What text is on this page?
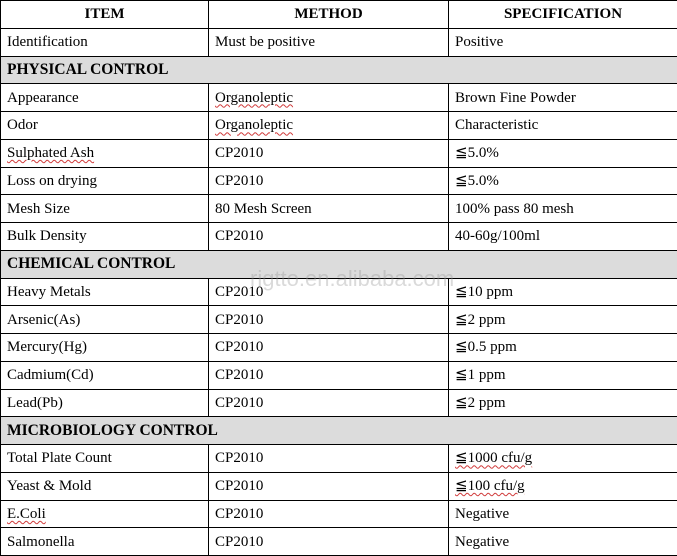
ITEM	METHOD	SPECIFICATION
Identification	Must be positive	Positive
PHYSICAL CONTROL		
Appearance	Organoleptic	Brown Fine Powder
Odor	Organoleptic	Characteristic
Sulphated Ash	CP2010	≦5.0%
Loss on drying	CP2010	≦5.0%
Mesh Size	80 Mesh Screen	100% pass 80 mesh
Bulk Density	CP2010	40-60g/100ml
CHEMICAL CONTROL		
Heavy Metals	CP2010	≦10 ppm
Arsenic(As)	CP2010	≦2 ppm
Mercury(Hg)	CP2010	≦0.5 ppm
Cadmium(Cd)	CP2010	≦1 ppm
Lead(Pb)	CP2010	≦2 ppm
MICROBIOLOGY CONTROL		
Total Plate Count	CP2010	≦1000 cfu/g
Yeast & Mold	CP2010	≦100 cfu/g
E.Coli	CP2010	Negative
Salmonella	CP2010	Negative
rigtto.en.alibaba.com
